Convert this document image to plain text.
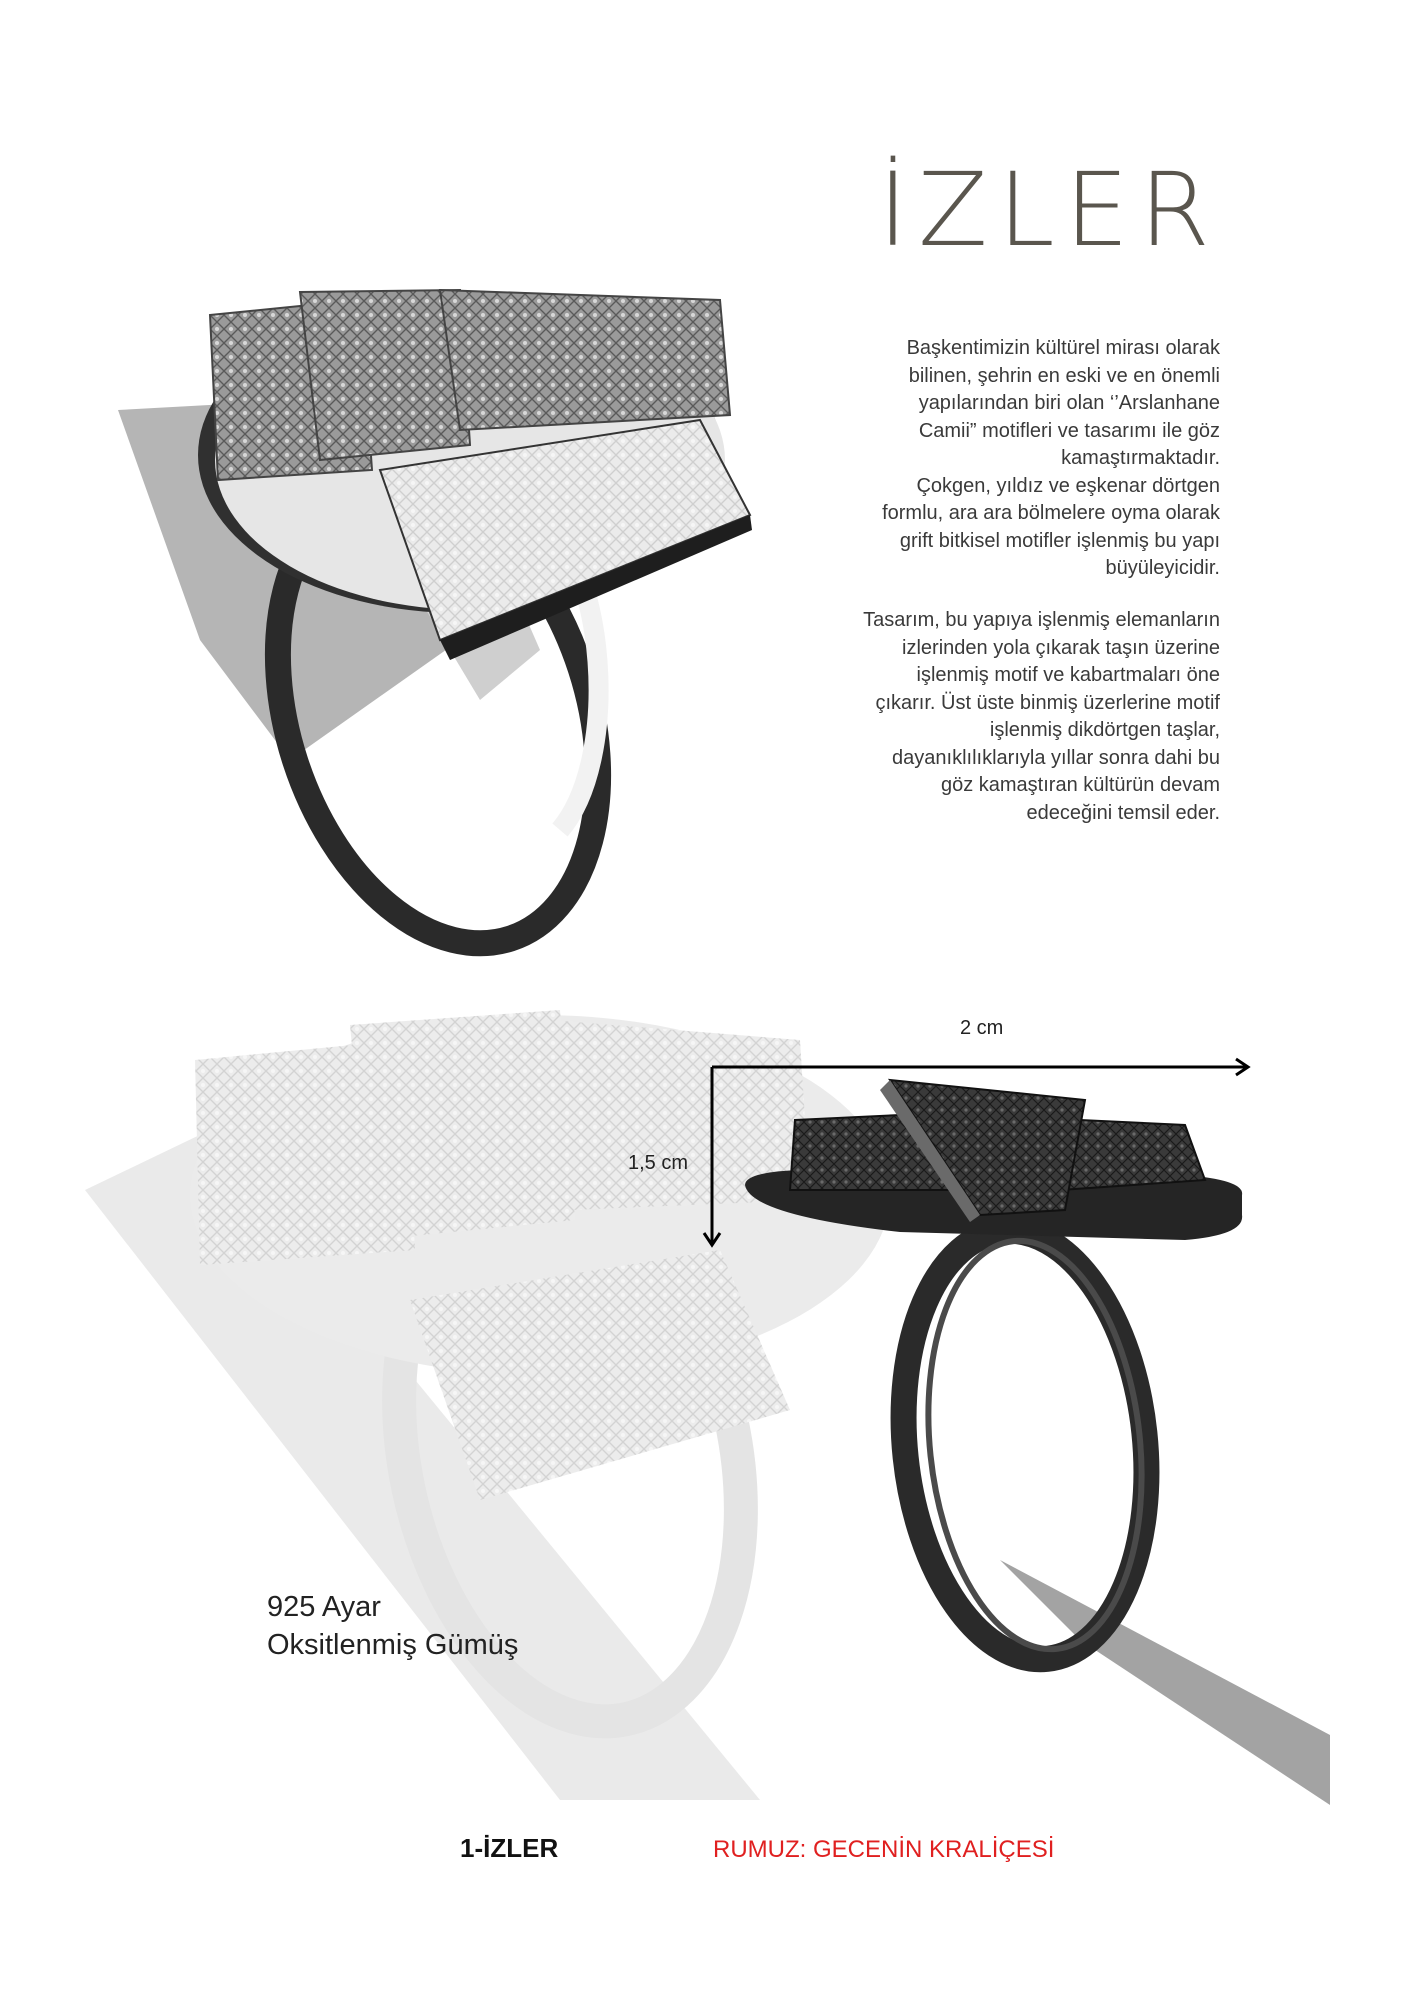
İZLER
Başkentimizin kültürel mirası olarak
bilinen, şehrin en eski ve en önemli
yapılarından biri olan ‘’Arslanhane
Camii” motifleri ve tasarımı ile göz
kamaştırmaktadır.
Çokgen, yıldız ve eşkenar dörtgen
formlu, ara ara bölmelere oyma olarak
grift bitkisel motifler işlenmiş bu yapı
büyüleyicidir.
Tasarım, bu yapıya işlenmiş elemanların
izlerinden yola çıkarak taşın üzerine
işlenmiş motif ve kabartmaları öne
çıkarır. Üst üste binmiş üzerlerine motif
işlenmiş dikdörtgen taşlar,
dayanıklılıklarıyla yıllar sonra dahi bu
göz kamaştıran kültürün devam
edeceğini temsil eder.
2 cm
1,5 cm
925 Ayar
Oksitlenmiş Gümüş
1-İZLER	RUMUZ: GECENİN KRALİÇESİ
